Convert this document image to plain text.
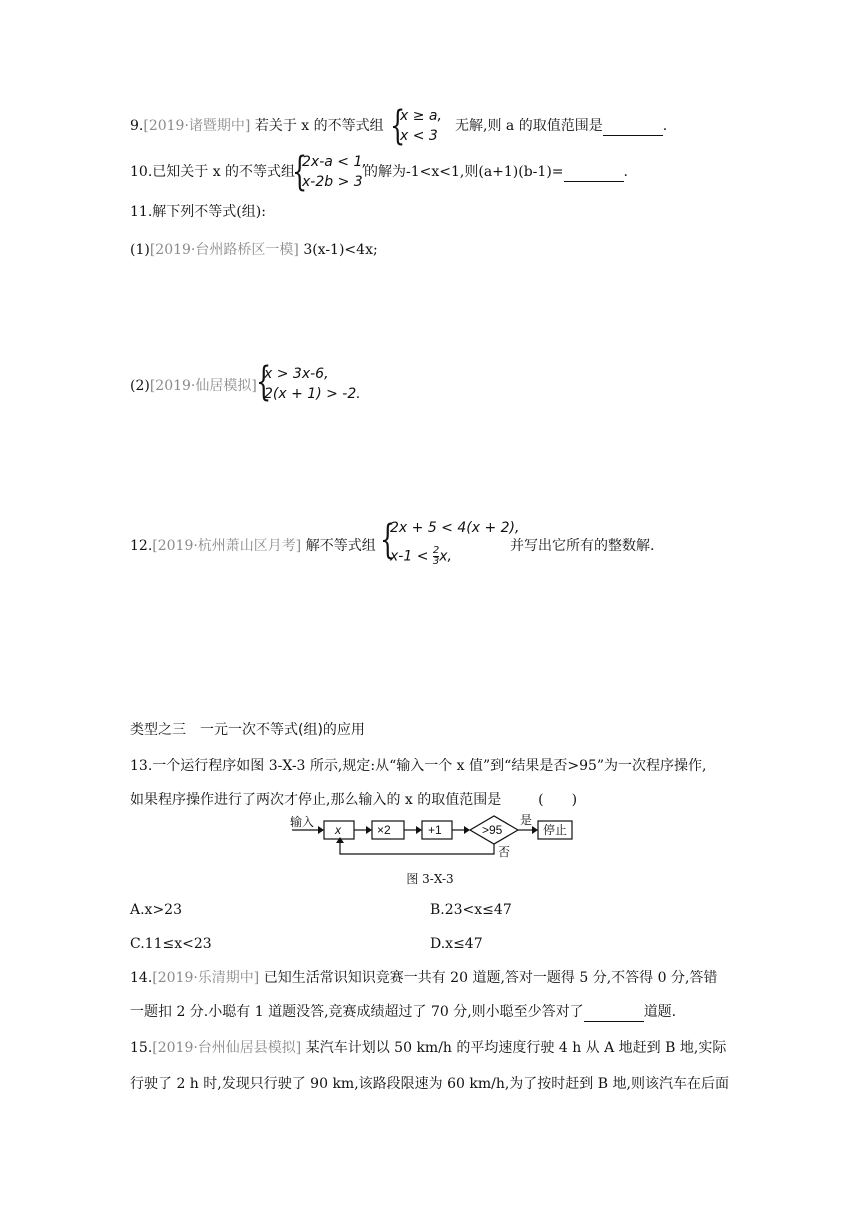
9.[2019·诸暨期中] 若关于 x 的不等式组 {
x ≥ a,
x < 3
无解,则 a 的取值范围是	.
10.已知关于 x 的不等式组
{
2x-a < 1,
x-2b > 3
的解为-1<x<1,则(a+1)(b-1)=	.
11.解下列不等式(组):
(1)[2019·台州路桥区一模] 3(x-1)<4x;
(2)[2019·仙居模拟] {
x > 3x-6,
2(x + 1) > -2.
12.[2019·杭州萧山区月考] 解不等式组 {
2x + 5 < 4(x + 2),
$x-1 < \frac{2}{3} x$,
并写出它所有的整数解.
类型之三　一元一次不等式(组)的应用
13.一个运行程序如图 3-X-3 所示,规定:从“输入一个 x 值”到“结果是否>95”为一次程序操作,
如果程序操作进行了两次才停止,那么输入的 x 的取值范围是	(　　)
输入
x	×2	+1	>95
是
停止
否
图 3-X-3
A.x>23	B.23<x≤47
C.11≤x<23	D.x≤47
14.[2019·乐清期中] 已知生活常识知识竞赛一共有 20 道题,答对一题得 5 分,不答得 0 分,答错
一题扣 2 分.小聪有 1 道题没答,竞赛成绩超过了 70 分,则小聪至少答对了	道题.
15.[2019·台州仙居县模拟] 某汽车计划以 50 km/h 的平均速度行驶 4 h 从 A 地赶到 B 地,实际
行驶了 2 h 时,发现只行驶了 90 km,该路段限速为 60 km/h,为了按时赶到 B 地,则该汽车在后面
